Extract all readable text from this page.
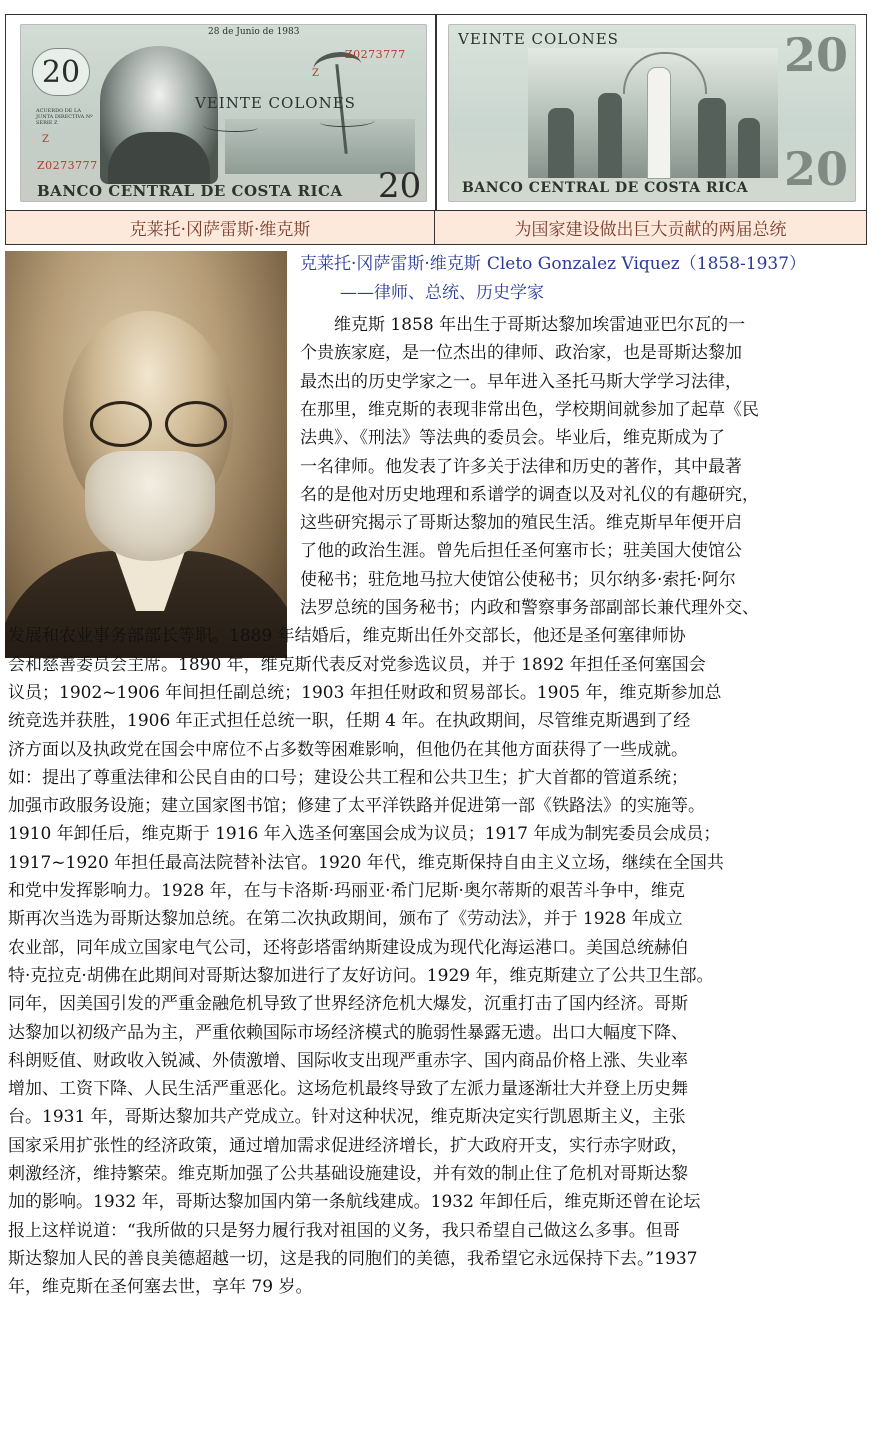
20
28 de Junio de 1983
Z0273777
Z
ACUERDO DE LA JUNTA DIRECTIVA Nº SERIE Z
Z
Z0273777
VEINTE COLONES
BANCO CENTRAL DE COSTA RICA 20
VEINTE COLONES
BANCO CENTRAL DE COSTA RICA
20
20
克莱托·冈萨雷斯·维克斯	为国家建设做出巨大贡献的两届总统
克莱托·冈萨雷斯·维克斯 Cleto Gonzalez Viquez（1858-1937）
——律师、总统、历史学家
　　维克斯 1858 年出生于哥斯达黎加埃雷迪亚巴尔瓦的一
个贵族家庭，是一位杰出的律师、政治家，也是哥斯达黎加
最杰出的历史学家之一。早年进入圣托马斯大学学习法律，
在那里，维克斯的表现非常出色，学校期间就参加了起草《民
法典》、《刑法》等法典的委员会。毕业后，维克斯成为了
一名律师。他发表了许多关于法律和历史的著作，其中最著
名的是他对历史地理和系谱学的调查以及对礼仪的有趣研究，
这些研究揭示了哥斯达黎加的殖民生活。维克斯早年便开启
了他的政治生涯。曾先后担任圣何塞市长；驻美国大使馆公
使秘书；驻危地马拉大使馆公使秘书；贝尔纳多·索托·阿尔
法罗总统的国务秘书；内政和警察事务部副部长兼代理外交、
发展和农业事务部部长等职。1889 年结婚后，维克斯出任外交部长，他还是圣何塞律师协
会和慈善委员会主席。1890 年，维克斯代表反对党参选议员，并于 1892 年担任圣何塞国会
议员；1902~1906 年间担任副总统；1903 年担任财政和贸易部长。1905 年，维克斯参加总
统竞选并获胜，1906 年正式担任总统一职，任期 4 年。在执政期间，尽管维克斯遇到了经
济方面以及执政党在国会中席位不占多数等困难影响，但他仍在其他方面获得了一些成就。
如：提出了尊重法律和公民自由的口号；建设公共工程和公共卫生；扩大首都的管道系统；
加强市政服务设施；建立国家图书馆；修建了太平洋铁路并促进第一部《铁路法》的实施等。
1910 年卸任后，维克斯于 1916 年入选圣何塞国会成为议员；1917 年成为制宪委员会成员；
1917~1920 年担任最高法院替补法官。1920 年代，维克斯保持自由主义立场，继续在全国共
和党中发挥影响力。1928 年，在与卡洛斯·玛丽亚·希门尼斯·奥尔蒂斯的艰苦斗争中，维克
斯再次当选为哥斯达黎加总统。在第二次执政期间，颁布了《劳动法》，并于 1928 年成立
农业部，同年成立国家电气公司，还将彭塔雷纳斯建设成为现代化海运港口。美国总统赫伯
特·克拉克·胡佛在此期间对哥斯达黎加进行了友好访问。1929 年，维克斯建立了公共卫生部。
同年，因美国引发的严重金融危机导致了世界经济危机大爆发，沉重打击了国内经济。哥斯
达黎加以初级产品为主，严重依赖国际市场经济模式的脆弱性暴露无遗。出口大幅度下降、
科朗贬值、财政收入锐减、外债激增、国际收支出现严重赤字、国内商品价格上涨、失业率
增加、工资下降、人民生活严重恶化。这场危机最终导致了左派力量逐渐壮大并登上历史舞
台。1931 年，哥斯达黎加共产党成立。针对这种状况，维克斯决定实行凯恩斯主义，主张
国家采用扩张性的经济政策，通过增加需求促进经济增长，扩大政府开支，实行赤字财政，
刺激经济，维持繁荣。维克斯加强了公共基础设施建设，并有效的制止住了危机对哥斯达黎
加的影响。1932 年，哥斯达黎加国内第一条航线建成。1932 年卸任后，维克斯还曾在论坛
报上这样说道：“我所做的只是努力履行我对祖国的义务，我只希望自己做这么多事。但哥
斯达黎加人民的善良美德超越一切，这是我的同胞们的美德，我希望它永远保持下去。”1937
年，维克斯在圣何塞去世，享年 79 岁。
